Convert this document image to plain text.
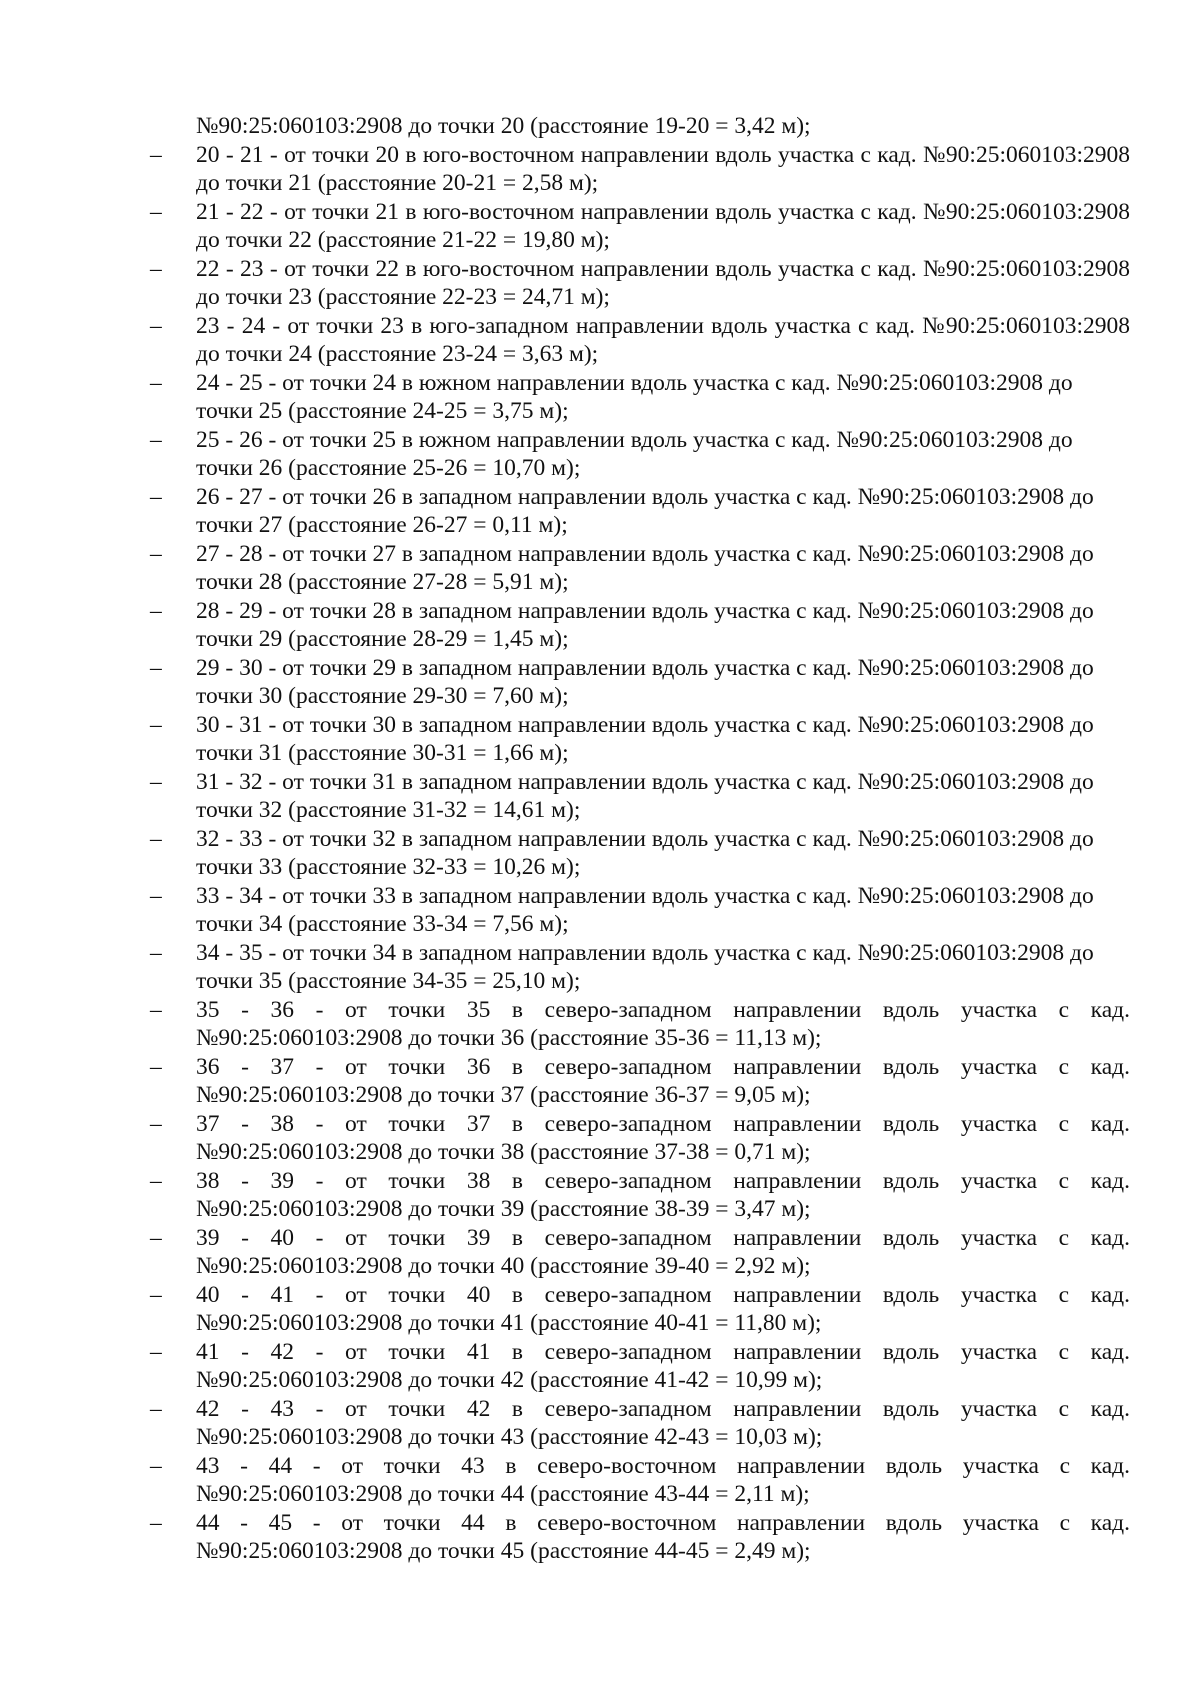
№90:25:060103:2908 до точки 20 (расстояние 19-20 = 3,42 м);
–	20 - 21 - от точки 20 в юго-восточном направлении вдоль участка с кад. №90:25:060103:2908 до точки 21 (расстояние 20-21 = 2,58 м);

–	21 - 22 - от точки 21 в юго-восточном направлении вдоль участка с кад. №90:25:060103:2908 до точки 22 (расстояние 21-22 = 19,80 м);

–	22 - 23 - от точки 22 в юго-восточном направлении вдоль участка с кад. №90:25:060103:2908 до точки 23 (расстояние 22-23 = 24,71 м);

–	23 - 24 - от точки 23 в юго-западном направлении вдоль участка с кад. №90:25:060103:2908 до точки 24 (расстояние 23-24 = 3,63 м);

–	24 - 25 - от точки 24 в южном направлении вдоль участка с кад. №90:25:060103:2908 до точки 25 (расстояние 24-25 = 3,75 м);

–	25 - 26 - от точки 25 в южном направлении вдоль участка с кад. №90:25:060103:2908 до точки 26 (расстояние 25-26 = 10,70 м);

–	26 - 27 - от точки 26 в западном направлении вдоль участка с кад. №90:25:060103:2908 до точки 27 (расстояние 26-27 = 0,11 м);

–	27 - 28 - от точки 27 в западном направлении вдоль участка с кад. №90:25:060103:2908 до точки 28 (расстояние 27-28 = 5,91 м);

–	28 - 29 - от точки 28 в западном направлении вдоль участка с кад. №90:25:060103:2908 до точки 29 (расстояние 28-29 = 1,45 м);

–	29 - 30 - от точки 29 в западном направлении вдоль участка с кад. №90:25:060103:2908 до точки 30 (расстояние 29-30 = 7,60 м);

–	30 - 31 - от точки 30 в западном направлении вдоль участка с кад. №90:25:060103:2908 до точки 31 (расстояние 30-31 = 1,66 м);

–	31 - 32 - от точки 31 в западном направлении вдоль участка с кад. №90:25:060103:2908 до точки 32 (расстояние 31-32 = 14,61 м);

–	32 - 33 - от точки 32 в западном направлении вдоль участка с кад. №90:25:060103:2908 до точки 33 (расстояние 32-33 = 10,26 м);

–	33 - 34 - от точки 33 в западном направлении вдоль участка с кад. №90:25:060103:2908 до точки 34 (расстояние 33-34 = 7,56 м);

–	34 - 35 - от точки 34 в западном направлении вдоль участка с кад. №90:25:060103:2908 до точки 35 (расстояние 34-35 = 25,10 м);

–	35 - 36 - от точки 35 в северо-западном направлении вдоль участка с кад. №90:25:060103:2908 до точки 36 (расстояние 35-36 = 11,13 м);

–	36 - 37 - от точки 36 в северо-западном направлении вдоль участка с кад. №90:25:060103:2908 до точки 37 (расстояние 36-37 = 9,05 м);

–	37 - 38 - от точки 37 в северо-западном направлении вдоль участка с кад. №90:25:060103:2908 до точки 38 (расстояние 37-38 = 0,71 м);

–	38 - 39 - от точки 38 в северо-западном направлении вдоль участка с кад. №90:25:060103:2908 до точки 39 (расстояние 38-39 = 3,47 м);

–	39 - 40 - от точки 39 в северо-западном направлении вдоль участка с кад. №90:25:060103:2908 до точки 40 (расстояние 39-40 = 2,92 м);

–	40 - 41 - от точки 40 в северо-западном направлении вдоль участка с кад. №90:25:060103:2908 до точки 41 (расстояние 40-41 = 11,80 м);

–	41 - 42 - от точки 41 в северо-западном направлении вдоль участка с кад. №90:25:060103:2908 до точки 42 (расстояние 41-42 = 10,99 м);

–	42 - 43 - от точки 42 в северо-западном направлении вдоль участка с кад. №90:25:060103:2908 до точки 43 (расстояние 42-43 = 10,03 м);

–	43 - 44 - от точки 43 в северо-восточном направлении вдоль участка с кад. №90:25:060103:2908 до точки 44 (расстояние 43-44 = 2,11 м);

–	44 - 45 - от точки 44 в северо-восточном направлении вдоль участка с кад. №90:25:060103:2908 до точки 45 (расстояние 44-45 = 2,49 м);
